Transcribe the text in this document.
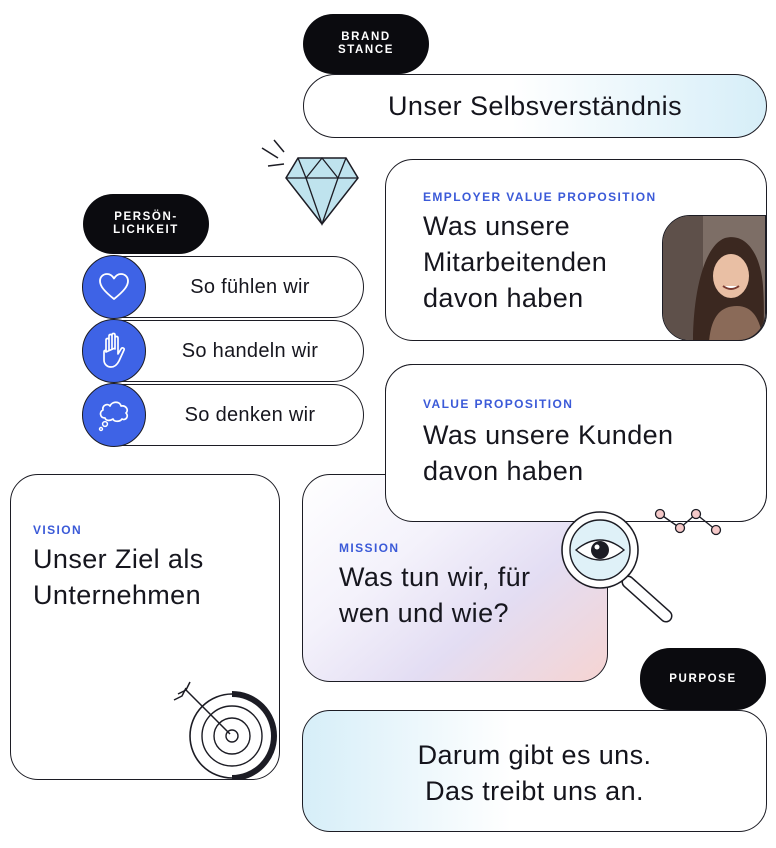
BRAND
STANCE
Unser Selbsverständnis
PERSÖN-
LICHKEIT
So fühlen wir
So handeln wir
So denken wir
EMPLOYER VALUE PROPOSITION
Was unsere
Mitarbeitenden
davon haben
VISION
Unser Ziel als
Unternehmen
MISSION
Was tun wir, für
wen und wie?
VALUE PROPOSITION
Was unsere Kunden
davon haben
Darum gibt es uns.
Das treibt uns an.
PURPOSE
